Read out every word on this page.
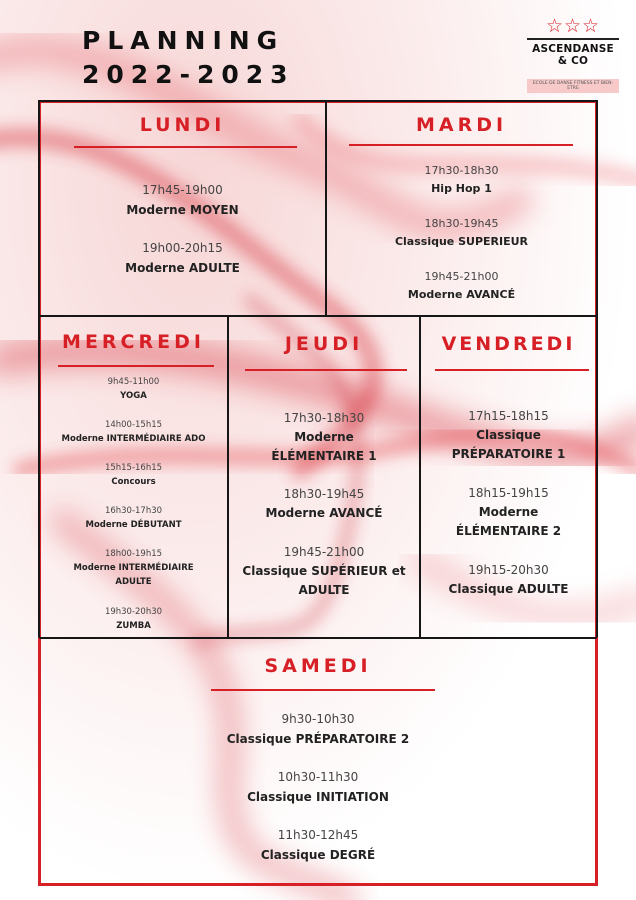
PLANNING
2022-2023
☆☆☆
ASCENDANSE & CO
ECOLE DE DANSE FITNESS ET BIEN-ETRE
LUNDI
17h45-19h00
Moderne MOYEN
19h00-20h15
Moderne ADULTE
MARDI
17h30-18h30
Hip Hop 1
18h30-19h45
Classique SUPERIEUR
19h45-21h00
Moderne AVANCÉ
MERCREDI
9h45-11h00
YOGA
14h00-15h15
Moderne INTERMÉDIAIRE ADO
15h15-16h15
Concours
16h30-17h30
Moderne DÉBUTANT
18h00-19h15
Moderne INTERMÉDIAIRE
ADULTE
19h30-20h30
ZUMBA
JEUDI
17h30-18h30
Moderne
ÉLÉMENTAIRE 1
18h30-19h45
Moderne AVANCÉ
19h45-21h00
Classique SUPÉRIEUR et
ADULTE
VENDREDI
17h15-18h15
Classique
PRÉPARATOIRE 1
18h15-19h15
Moderne
ÉLÉMENTAIRE 2
19h15-20h30
Classique ADULTE
SAMEDI
9h30-10h30
Classique PRÉPARATOIRE 2
10h30-11h30
Classique INITIATION
11h30-12h45
Classique DEGRÉ
